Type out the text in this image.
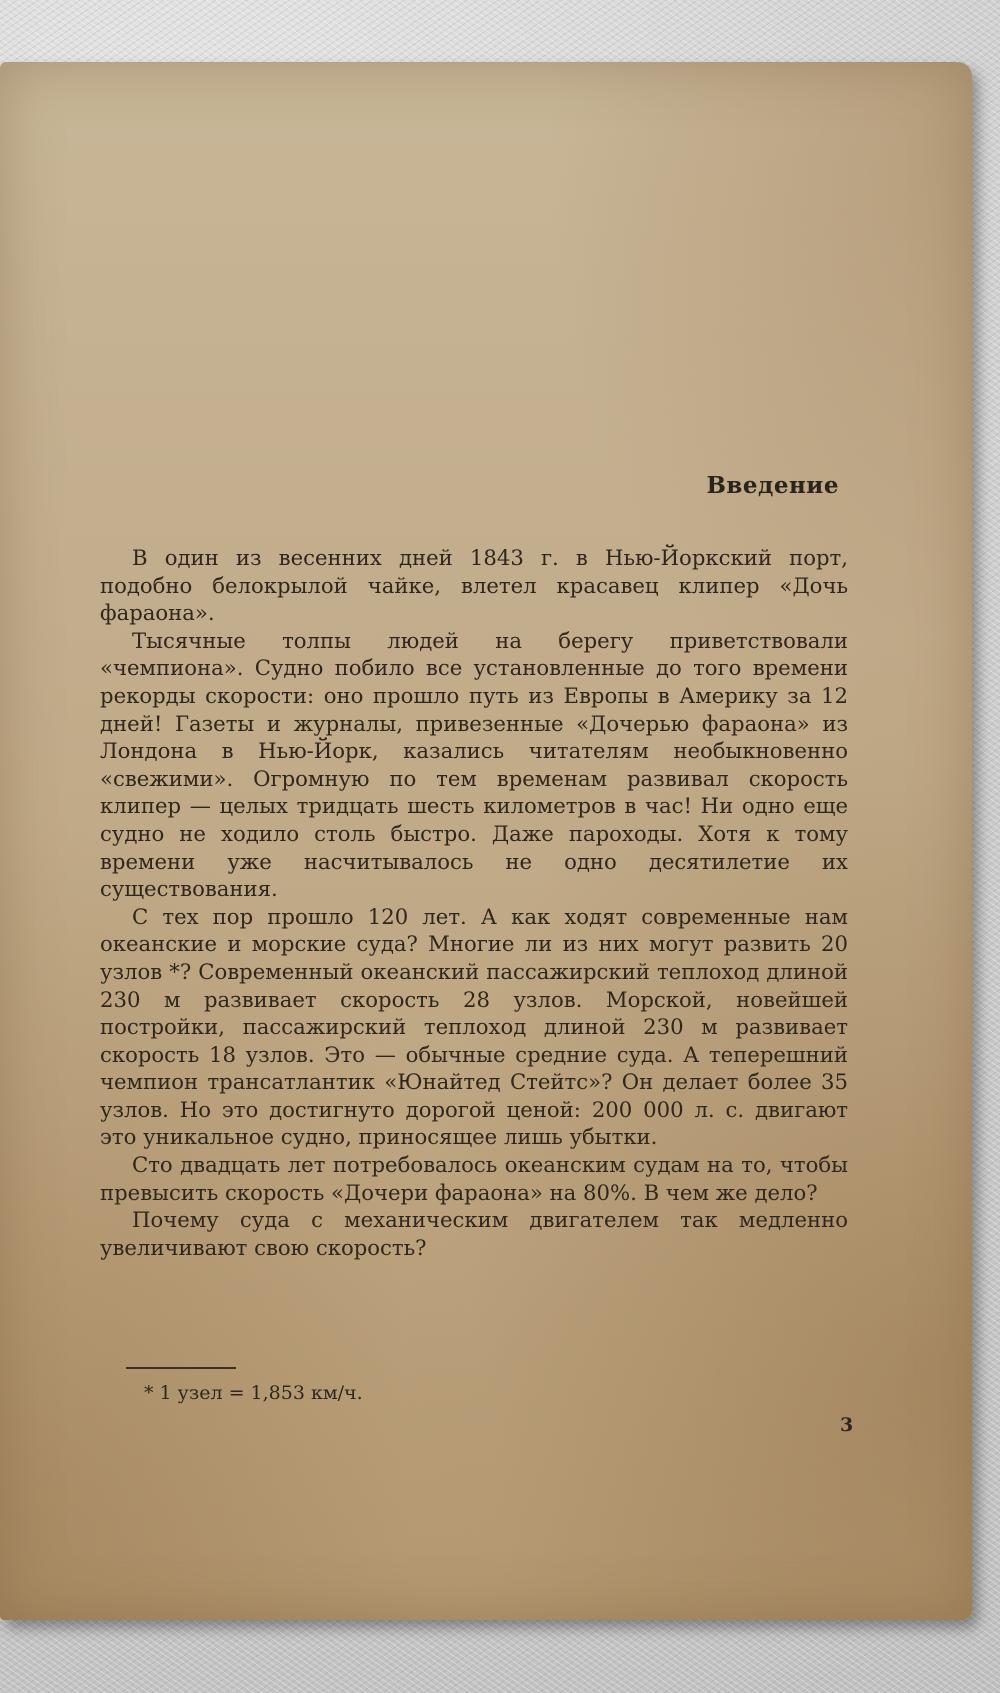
Введение

В один из весенних дней 1843 г. в Нью-Йоркский порт, подобно белокрылой чайке, влетел красавец клипер «Дочь фараона».

Тысячные толпы людей на берегу приветствовали «чемпиона». Судно побило все установленные до того времени рекорды скорости: оно прошло путь из Европы в Америку за 12 дней! Газеты и журналы, привезенные «Дочерью фараона» из Лондона в Нью-Йорк, казались читателям необыкновенно «свежими». Огромную по тем временам развивал скорость клипер — целых тридцать шесть километров в час! Ни одно еще судно не ходило столь быстро. Даже пароходы. Хотя к тому времени уже насчитывалось не одно десятилетие их существования.

С тех пор прошло 120 лет. А как ходят современные нам океанские и морские суда? Многие ли из них могут развить 20 узлов *? Современный океанский пассажирский теплоход длиной 230 м развивает скорость 28 узлов. Морской, новейшей постройки, пассажирский теплоход длиной 230 м развивает скорость 18 узлов. Это — обычные средние суда. А теперешний чемпион трансатлантик «Юнайтед Стейтс»? Он делает более 35 узлов. Но это достигнуто дорогой ценой: 200 000 л. с. двигают это уникальное судно, приносящее лишь убытки.

Сто двадцать лет потребовалось океанским судам на то, чтобы превысить скорость «Дочери фараона» на 80%. В чем же дело?

Почему суда с механическим двигателем так медленно увеличивают свою скорость?

* 1 узел = 1,853 км/ч.
3
